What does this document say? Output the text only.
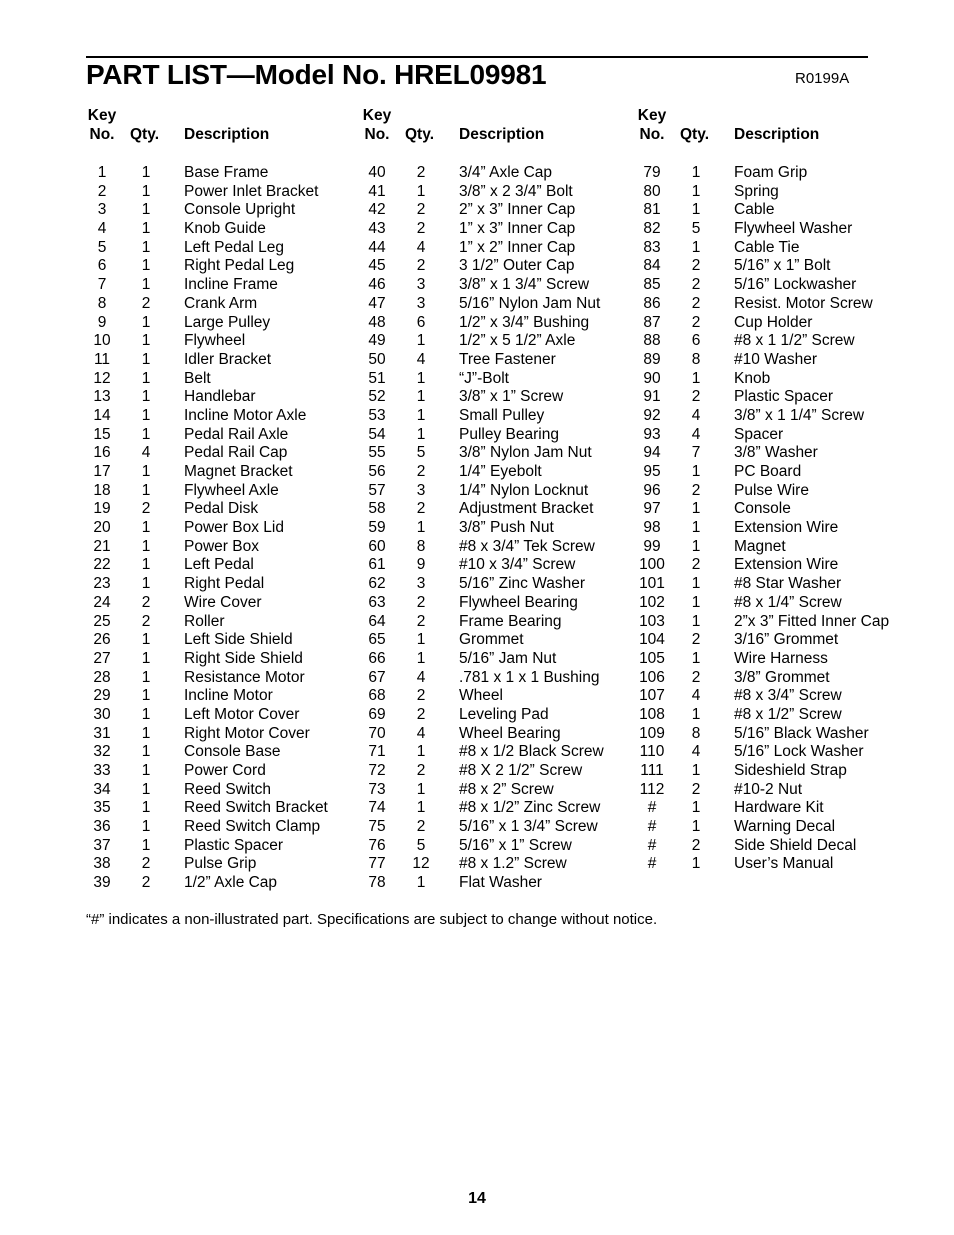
PART LIST—Model No. HREL09981	R0199A
Key
No. Qty. Description
1	1	Base Frame
2	1	Power Inlet Bracket
3	1	Console Upright
4	1	Knob Guide
5	1	Left Pedal Leg
6	1	Right Pedal Leg
7	1	Incline Frame
8	2	Crank Arm
9	1	Large Pulley
10	1	Flywheel
11	1	Idler Bracket
12	1	Belt
13	1	Handlebar
14	1	Incline Motor Axle
15	1	Pedal Rail Axle
16	4	Pedal Rail Cap
17	1	Magnet Bracket
18	1	Flywheel Axle
19	2	Pedal Disk
20	1	Power Box Lid
21	1	Power Box
22	1	Left Pedal
23	1	Right Pedal
24	2	Wire Cover
25	2	Roller
26	1	Left Side Shield
27	1	Right Side Shield
28	1	Resistance Motor
29	1	Incline Motor
30	1	Left Motor Cover
31	1	Right Motor Cover
32	1	Console Base
33	1	Power Cord
34	1	Reed Switch
35	1	Reed Switch Bracket
36	1	Reed Switch Clamp
37	1	Plastic Spacer
38	2	Pulse Grip
39	2	1/2” Axle Cap
Key
No. Qty. Description
40	2	3/4” Axle Cap
41	1	3/8” x 2 3/4” Bolt
42	2	2” x 3” Inner Cap
43	2	1” x 3” Inner Cap
44	4	1” x 2” Inner Cap
45	2	3 1/2” Outer Cap
46	3	3/8” x 1 3/4” Screw
47	3	5/16” Nylon Jam Nut
48	6	1/2” x 3/4” Bushing
49	1	1/2” x 5 1/2” Axle
50	4	Tree Fastener
51	1	“J”-Bolt
52	1	3/8” x 1” Screw
53	1	Small Pulley
54	1	Pulley Bearing
55	5	3/8” Nylon Jam Nut
56	2	1/4” Eyebolt
57	3	1/4” Nylon Locknut
58	2	Adjustment Bracket
59	1	3/8” Push Nut
60	8	#8 x 3/4” Tek Screw
61	9	#10 x 3/4” Screw
62	3	5/16” Zinc Washer
63	2	Flywheel Bearing
64	2	Frame Bearing
65	1	Grommet
66	1	5/16” Jam Nut
67	4	.781 x 1 x 1 Bushing
68	2	Wheel
69	2	Leveling Pad
70	4	Wheel Bearing
71	1	#8 x 1/2 Black Screw
72	2	#8 X 2 1/2” Screw
73	1	#8 x 2” Screw
74	1	#8 x 1/2” Zinc Screw
75	2	5/16” x 1 3/4” Screw
76	5	5/16” x 1” Screw
77	12	#8 x 1.2” Screw
78	1	Flat Washer
Key
No. Qty. Description
79	1	Foam Grip
80	1	Spring
81	1	Cable
82	5	Flywheel Washer
83	1	Cable Tie
84	2	5/16” x 1” Bolt
85	2	5/16” Lockwasher
86	2	Resist. Motor Screw
87	2	Cup Holder
88	6	#8 x 1 1/2” Screw
89	8	#10 Washer
90	1	Knob
91	2	Plastic Spacer
92	4	3/8” x 1 1/4” Screw
93	4	Spacer
94	7	3/8” Washer
95	1	PC Board
96	2	Pulse Wire
97	1	Console
98	1	Extension Wire
99	1	Magnet
100	2	Extension Wire
101	1	#8 Star Washer
102	1	#8 x 1/4” Screw
103	1	2”x 3” Fitted Inner Cap
104	2	3/16” Grommet
105	1	Wire Harness
106	2	3/8” Grommet
107	4	#8 x 3/4” Screw
108	1	#8 x 1/2” Screw
109	8	5/16” Black Washer
110	4	5/16” Lock Washer
111	1	Sideshield Strap
112	2	#10-2 Nut
#	1	Hardware Kit
#	1	Warning Decal
#	2	Side Shield Decal
#	1	User’s Manual
“#” indicates a non-illustrated part. Specifications are subject to change without notice.
14
